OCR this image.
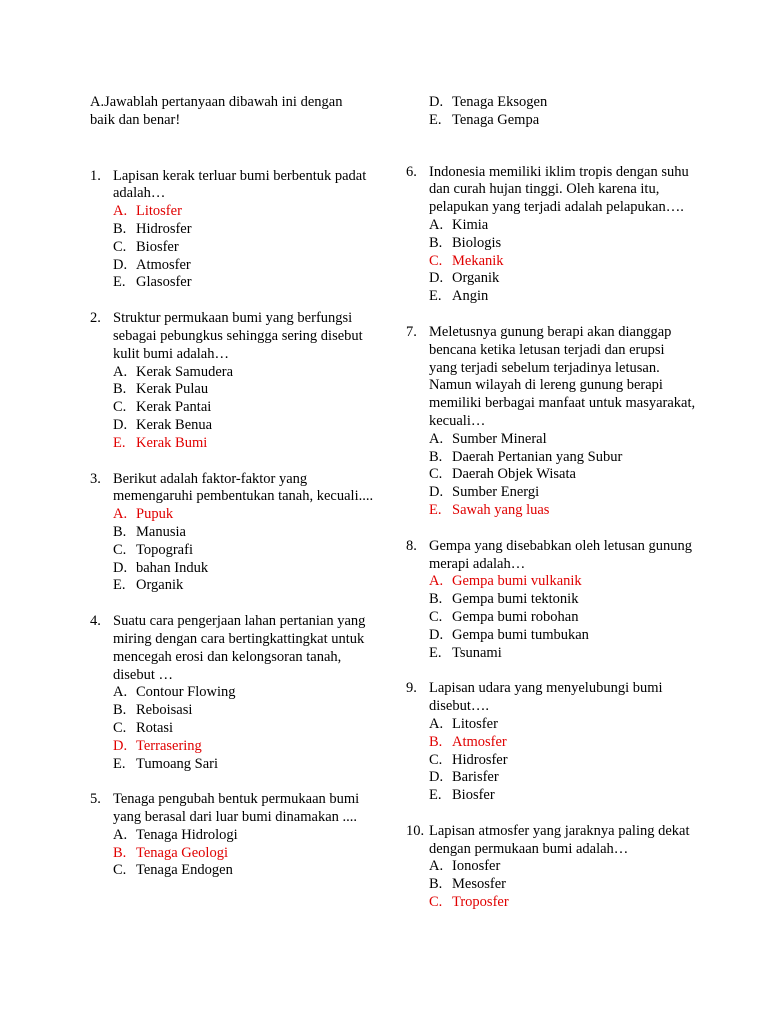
A.Jawablah pertanyaan dibawah ini dengan
baik dan benar!
1. Lapisan kerak terluar bumi berbentuk padat adalah…
A. Litosfer
B. Hidrosfer
C. Biosfer
D. Atmosfer
E. Glasosfer
2. Struktur permukaan bumi yang berfungsi sebagai pebungkus sehingga sering disebut kulit bumi adalah…
A. Kerak Samudera
B. Kerak Pulau
C. Kerak Pantai
D. Kerak Benua
E. Kerak Bumi
3. Berikut adalah faktor-faktor yang memengaruhi pembentukan tanah, kecuali....
A. Pupuk
B. Manusia
C. Topografi
D. bahan Induk
E. Organik
4. Suatu cara pengerjaan lahan pertanian yang miring dengan cara bertingkattingkat untuk mencegah erosi dan kelongsoran tanah, disebut …
A. Contour Flowing
B. Reboisasi
C. Rotasi
D. Terrasering
E. Tumoang Sari
5. Tenaga pengubah bentuk permukaan bumi yang berasal dari luar bumi dinamakan ....
A. Tenaga Hidrologi
B. Tenaga Geologi
C. Tenaga Endogen
D. Tenaga Eksogen
E. Tenaga Gempa
6. Indonesia memiliki iklim tropis dengan suhu dan curah hujan tinggi. Oleh karena itu, pelapukan yang terjadi adalah pelapukan….
A. Kimia
B. Biologis
C. Mekanik
D. Organik
E. Angin
7. Meletusnya gunung berapi akan dianggap bencana ketika letusan terjadi dan erupsi yang terjadi sebelum terjadinya letusan. Namun wilayah di lereng gunung berapi memiliki berbagai manfaat untuk masyarakat, kecuali…
A. Sumber Mineral
B. Daerah Pertanian yang Subur
C. Daerah Objek Wisata
D. Sumber Energi
E. Sawah yang luas
8. Gempa yang disebabkan oleh letusan gunung merapi adalah…
A. Gempa bumi vulkanik
B. Gempa bumi tektonik
C. Gempa bumi robohan
D. Gempa bumi tumbukan
E. Tsunami
9. Lapisan udara yang menyelubungi bumi disebut….
A. Litosfer
B. Atmosfer
C. Hidrosfer
D. Barisfer
E. Biosfer
10. Lapisan atmosfer yang jaraknya paling dekat dengan permukaan bumi adalah…
A. Ionosfer
B. Mesosfer
C. Troposfer
